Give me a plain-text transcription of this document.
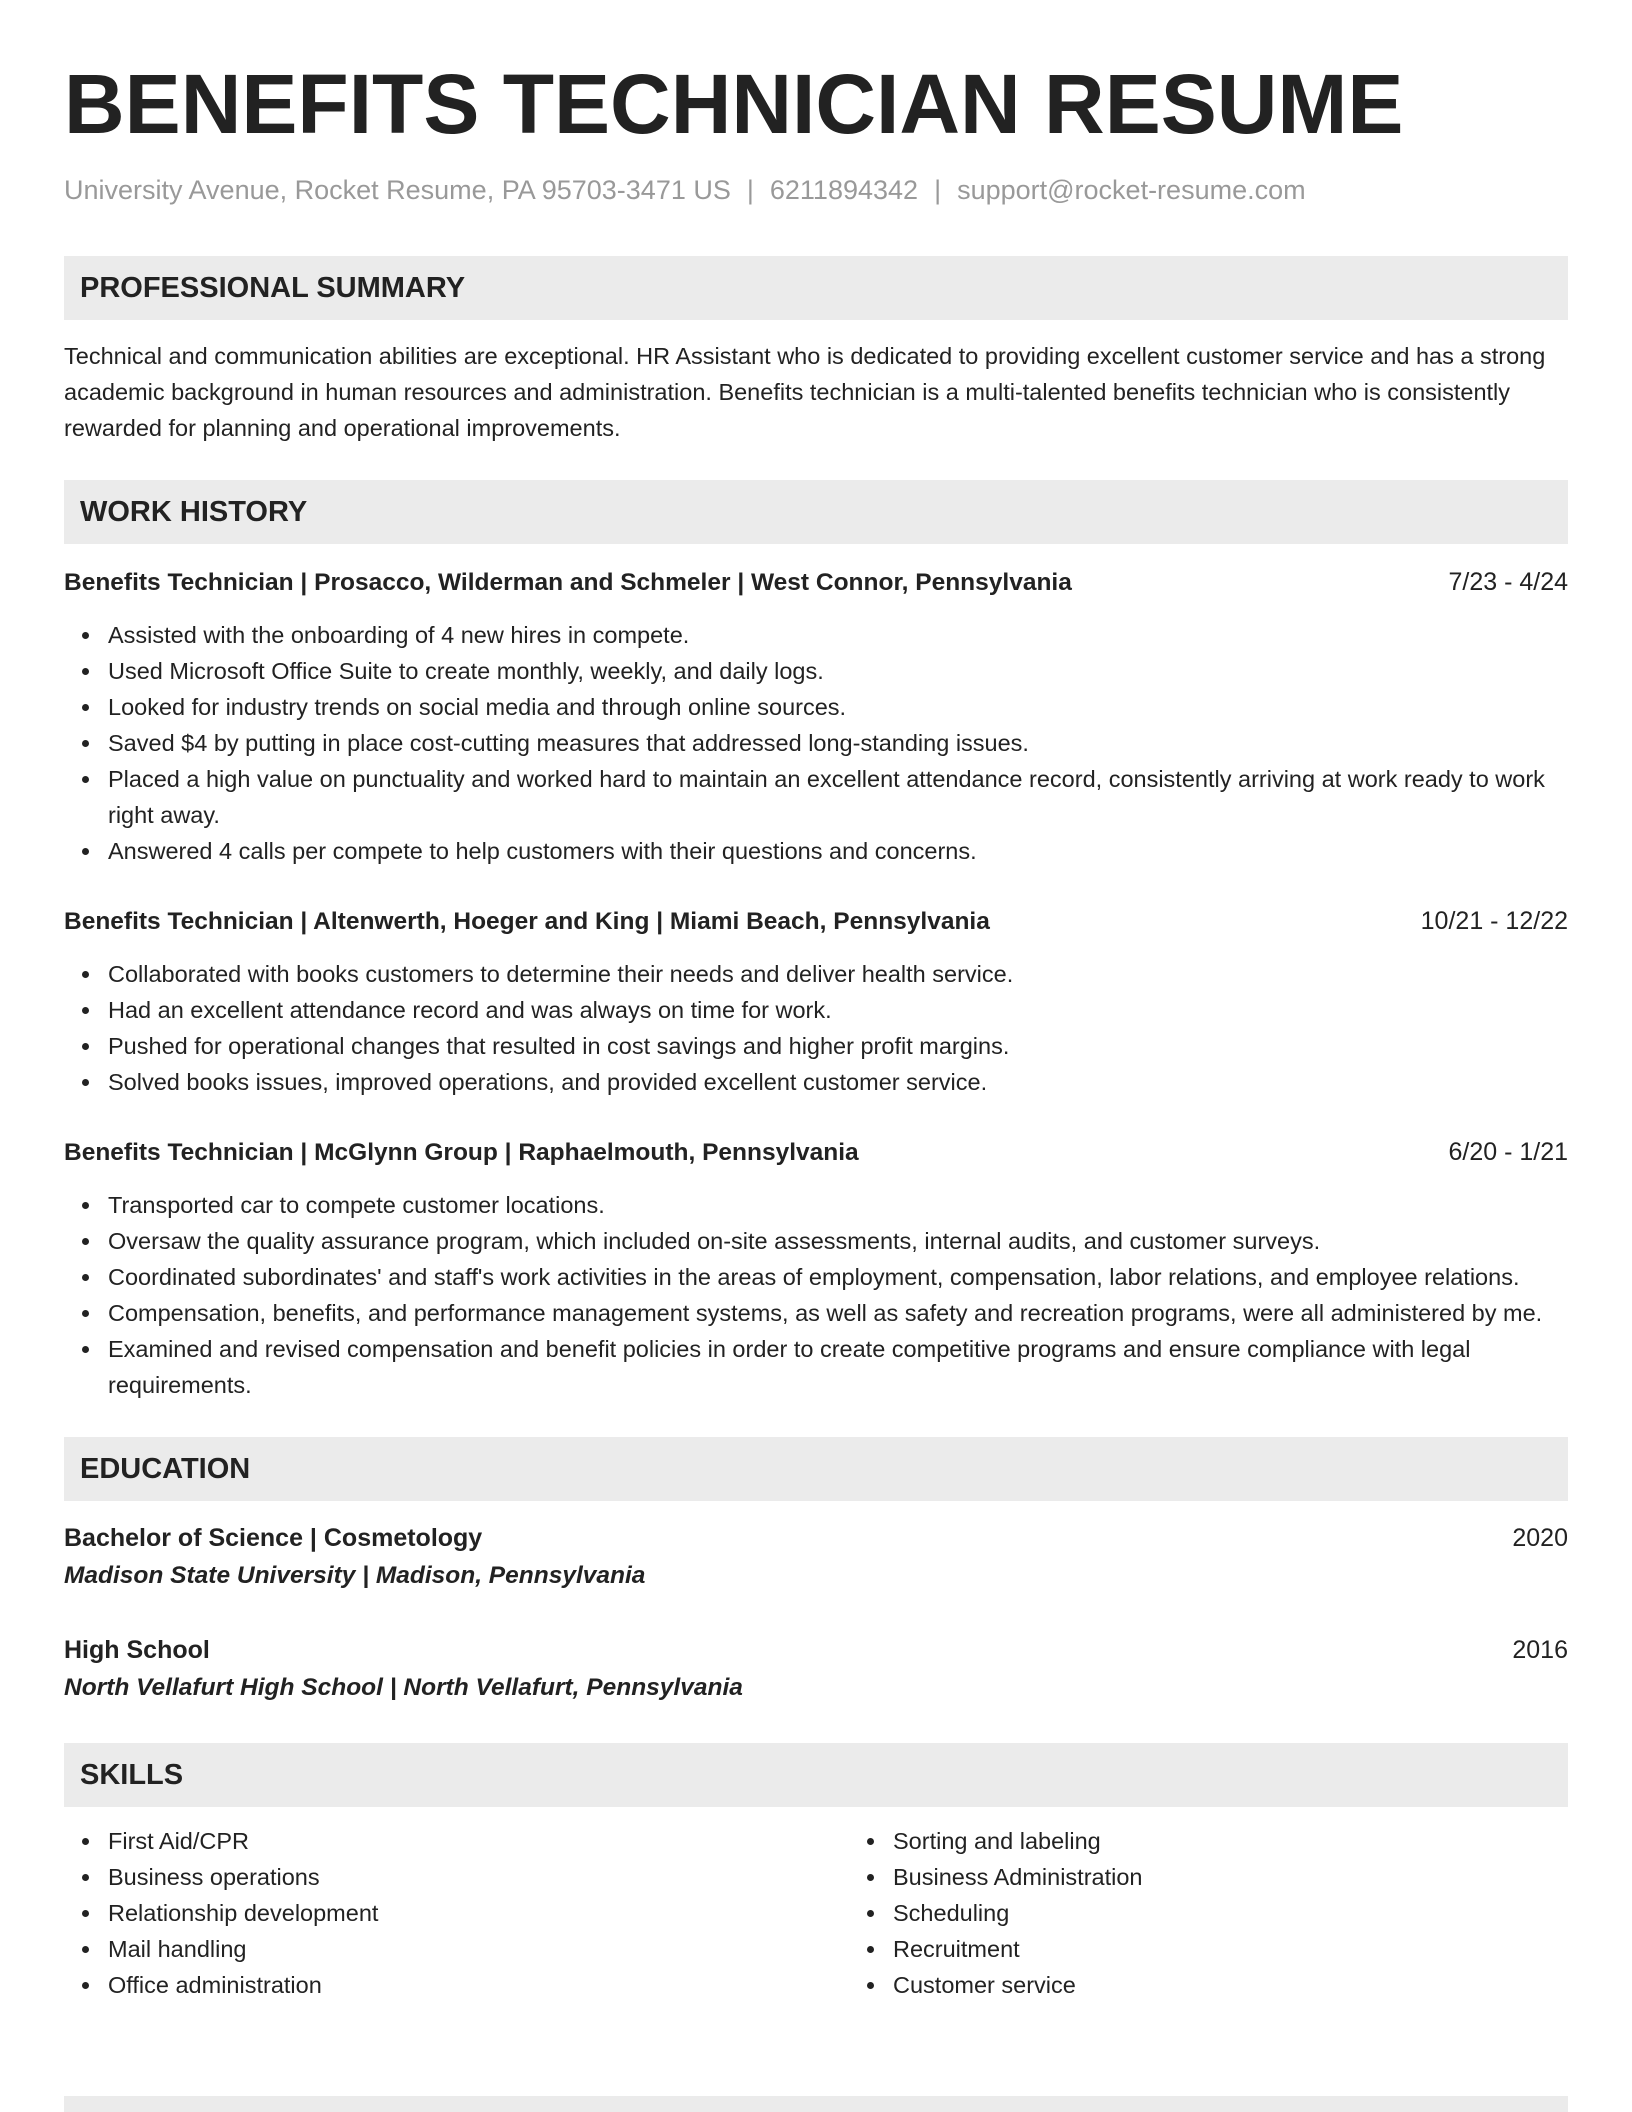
BENEFITS TECHNICIAN RESUME
University Avenue, Rocket Resume, PA 95703-3471 US | 6211894342 | support@rocket-resume.com
PROFESSIONAL SUMMARY
Technical and communication abilities are exceptional. HR Assistant who is dedicated to providing excellent customer service and has a strong academic background in human resources and administration. Benefits technician is a multi-talented benefits technician who is consistently rewarded for planning and operational improvements.
WORK HISTORY
Benefits Technician | Prosacco, Wilderman and Schmeler | West Connor, Pennsylvania	7/23 - 4/24
Assisted with the onboarding of 4 new hires in compete.
Used Microsoft Office Suite to create monthly, weekly, and daily logs.
Looked for industry trends on social media and through online sources.
Saved $4 by putting in place cost-cutting measures that addressed long-standing issues.
Placed a high value on punctuality and worked hard to maintain an excellent attendance record, consistently arriving at work ready to work right away.
Answered 4 calls per compete to help customers with their questions and concerns.
Benefits Technician | Altenwerth, Hoeger and King | Miami Beach, Pennsylvania	10/21 - 12/22
Collaborated with books customers to determine their needs and deliver health service.
Had an excellent attendance record and was always on time for work.
Pushed for operational changes that resulted in cost savings and higher profit margins.
Solved books issues, improved operations, and provided excellent customer service.
Benefits Technician | McGlynn Group | Raphaelmouth, Pennsylvania	6/20 - 1/21
Transported car to compete customer locations.
Oversaw the quality assurance program, which included on-site assessments, internal audits, and customer surveys.
Coordinated subordinates' and staff's work activities in the areas of employment, compensation, labor relations, and employee relations.
Compensation, benefits, and performance management systems, as well as safety and recreation programs, were all administered by me.
Examined and revised compensation and benefit policies in order to create competitive programs and ensure compliance with legal requirements.
EDUCATION
Bachelor of Science | Cosmetology	2020
Madison State University | Madison, Pennsylvania
High School	2016
North Vellafurt High School | North Vellafurt, Pennsylvania
SKILLS
First Aid/CPR
Business operations
Relationship development
Mail handling
Office administration
Sorting and labeling
Business Administration
Scheduling
Recruitment
Customer service
